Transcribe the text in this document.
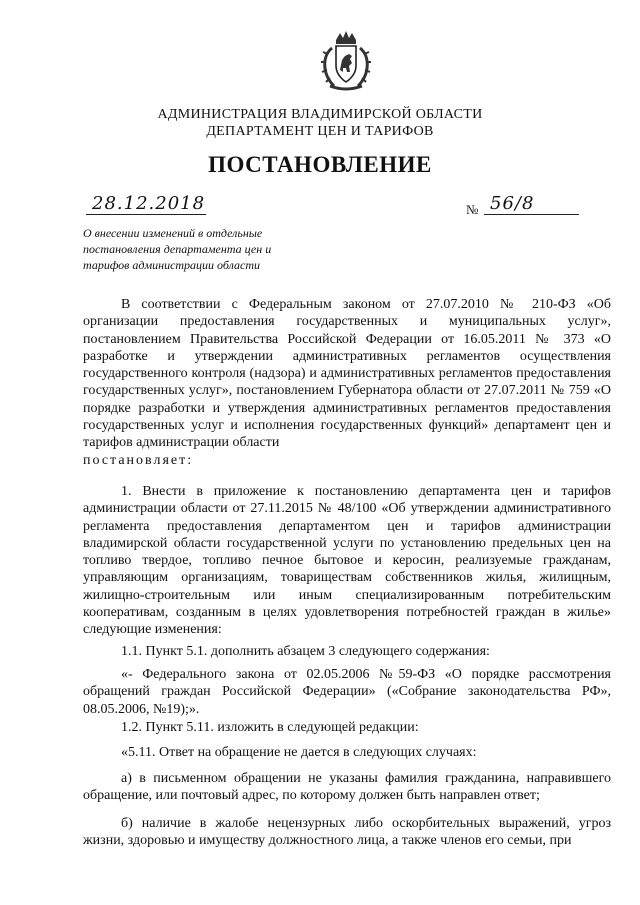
АДМИНИСТРАЦИЯ ВЛАДИМИРСКОЙ ОБЛАСТИ
ДЕПАРТАМЕНТ ЦЕН И ТАРИФОВ
ПОСТАНОВЛЕНИЕ
28.12.2018	№ 56/8
О внесении изменений в отдельные
постановления департамента цен и
тарифов администрации области

В соответствии с Федеральным законом от 27.07.2010 № 210-ФЗ «Об организации предоставления государственных и муниципальных услуг», постановлением Правительства Российской Федерации от 16.05.2011 № 373 «О разработке и утверждении административных регламентов осуществления государственного контроля (надзора) и административных регламентов предоставления государственных услуг», постановлением Губернатора области от 27.07.2011 № 759 «О порядке разработки и утверждения административных регламентов предоставления государственных услуг и исполнения государственных функций» департамент цен и тарифов администрации области

постановляет:

1. Внести в приложение к постановлению департамента цен и тарифов администрации области от 27.11.2015 № 48/100 «Об утверждении административного регламента предоставления департаментом цен и тарифов администрации владимирской области государственной услуги по установлению предельных цен на топливо твердое, топливо печное бытовое и керосин, реализуемые гражданам, управляющим организациям, товариществам собственников жилья, жилищным, жилищно-строительным или иным специализированным потребительским кооперативам, созданным в целях удовлетворения потребностей граждан в жилье» следующие изменения:

1.1. Пункт 5.1. дополнить абзацем 3 следующего содержания:

«- Федерального закона от 02.05.2006 №59-ФЗ «О порядке рассмотрения обращений граждан Российской Федерации» («Собрание законодательства РФ», 08.05.2006, №19);».

1.2. Пункт 5.11. изложить в следующей редакции:

«5.11. Ответ на обращение не дается в следующих случаях:

а) в письменном обращении не указаны фамилия гражданина, направившего обращение, или почтовый адрес, по которому должен быть направлен ответ;

б) наличие в жалобе нецензурных либо оскорбительных выражений, угроз жизни, здоровью и имуществу должностного лица, а также членов его семьи, при
